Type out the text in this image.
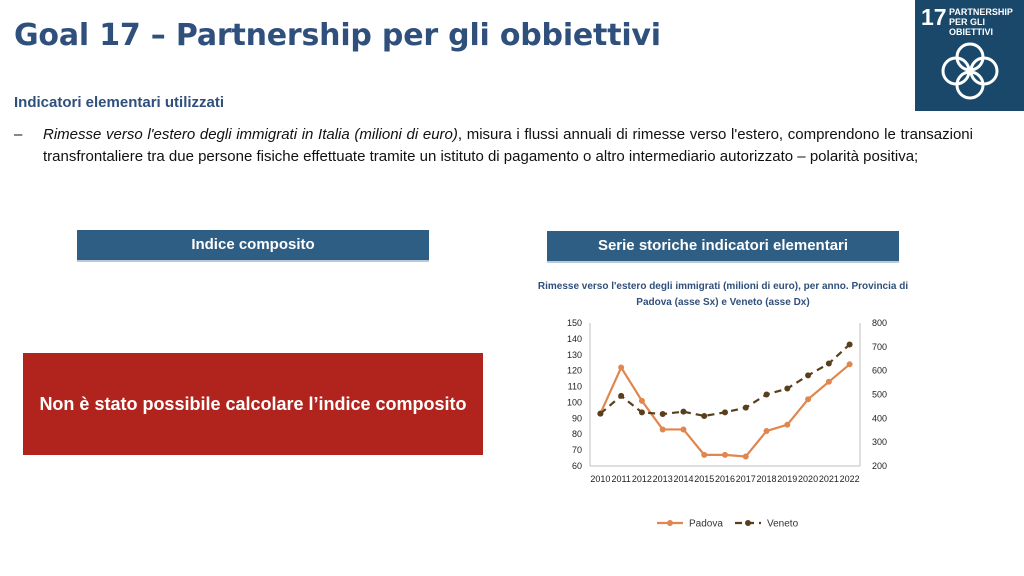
Goal 17 – Partnership per gli obbiettivi
17 PARTNERSHIP PER GLI OBIETTIVI
Indicatori elementari utilizzati
– Rimesse verso l'estero degli immigrati in Italia (milioni di euro), misura i flussi annuali di rimesse verso l'estero, comprendono le transazioni transfrontaliere tra due persone fisiche effettuate tramite un istituto di pagamento o altro intermediario autorizzato – polarità positiva;

Indice composito	Serie storiche indicatori elementari
Non è stato possibile calcolare l’indice composito

Rimesse verso l'estero degli immigrati (milioni di euro), per anno. Provincia di Padova (asse Sx) e Veneto (asse Dx)

60
70
80
90
100
110
120
130
140
150
200
300
400
500
600
700
800
2010 2011 2012 2013 2014 2015 2016 2017 2018 2019 2020 2021 2022
Padova	Veneto
